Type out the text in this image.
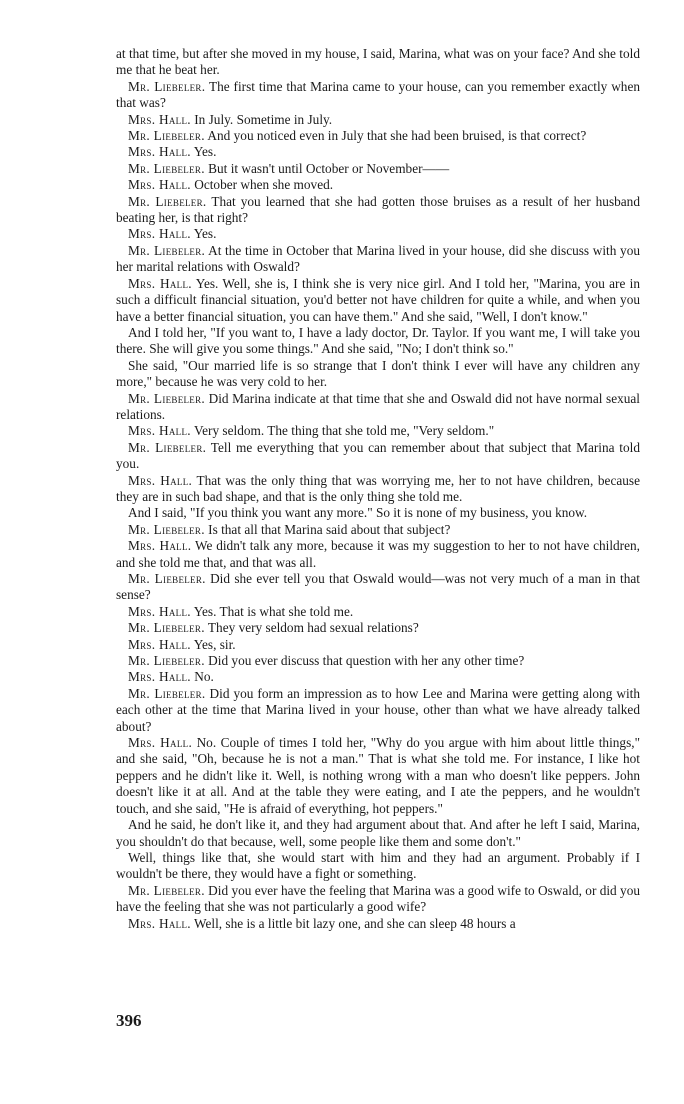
at that time, but after she moved in my house, I said, Marina, what was on your face? And she told me that he beat her.

Mr. Liebeler. The first time that Marina came to your house, can you remember exactly when that was?

Mrs. Hall. In July. Sometime in July.

Mr. Liebeler. And you noticed even in July that she had been bruised, is that correct?

Mrs. Hall. Yes.

Mr. Liebeler. But it wasn't until October or November——

Mrs. Hall. October when she moved.

Mr. Liebeler. That you learned that she had gotten those bruises as a result of her husband beating her, is that right?

Mrs. Hall. Yes.

Mr. Liebeler. At the time in October that Marina lived in your house, did she discuss with you her marital relations with Oswald?

Mrs. Hall. Yes. Well, she is, I think she is very nice girl. And I told her, "Marina, you are in such a difficult financial situation, you'd better not have children for quite a while, and when you have a better financial situation, you can have them." And she said, "Well, I don't know."

And I told her, "If you want to, I have a lady doctor, Dr. Taylor. If you want me, I will take you there. She will give you some things." And she said, "No; I don't think so."

She said, "Our married life is so strange that I don't think I ever will have any children any more," because he was very cold to her.

Mr. Liebeler. Did Marina indicate at that time that she and Oswald did not have normal sexual relations.

Mrs. Hall. Very seldom. The thing that she told me, "Very seldom."

Mr. Liebeler. Tell me everything that you can remember about that subject that Marina told you.

Mrs. Hall. That was the only thing that was worrying me, her to not have children, because they are in such bad shape, and that is the only thing she told me.

And I said, "If you think you want any more." So it is none of my business, you know.

Mr. Liebeler. Is that all that Marina said about that subject?

Mrs. Hall. We didn't talk any more, because it was my suggestion to her to not have children, and she told me that, and that was all.

Mr. Liebeler. Did she ever tell you that Oswald would—was not very much of a man in that sense?

Mrs. Hall. Yes. That is what she told me.

Mr. Liebeler. They very seldom had sexual relations?

Mrs. Hall. Yes, sir.

Mr. Liebeler. Did you ever discuss that question with her any other time?

Mrs. Hall. No.

Mr. Liebeler. Did you form an impression as to how Lee and Marina were getting along with each other at the time that Marina lived in your house, other than what we have already talked about?

Mrs. Hall. No. Couple of times I told her, "Why do you argue with him about little things," and she said, "Oh, because he is not a man." That is what she told me. For instance, I like hot peppers and he didn't like it. Well, is nothing wrong with a man who doesn't like peppers. John doesn't like it at all. And at the table they were eating, and I ate the peppers, and he wouldn't touch, and she said, "He is afraid of everything, hot peppers."

And he said, he don't like it, and they had argument about that. And after he left I said, Marina, you shouldn't do that because, well, some people like them and some don't."

Well, things like that, she would start with him and they had an argument. Probably if I wouldn't be there, they would have a fight or something.

Mr. Liebeler. Did you ever have the feeling that Marina was a good wife to Oswald, or did you have the feeling that she was not particularly a good wife?

Mrs. Hall. Well, she is a little bit lazy one, and she can sleep 48 hours a

396
